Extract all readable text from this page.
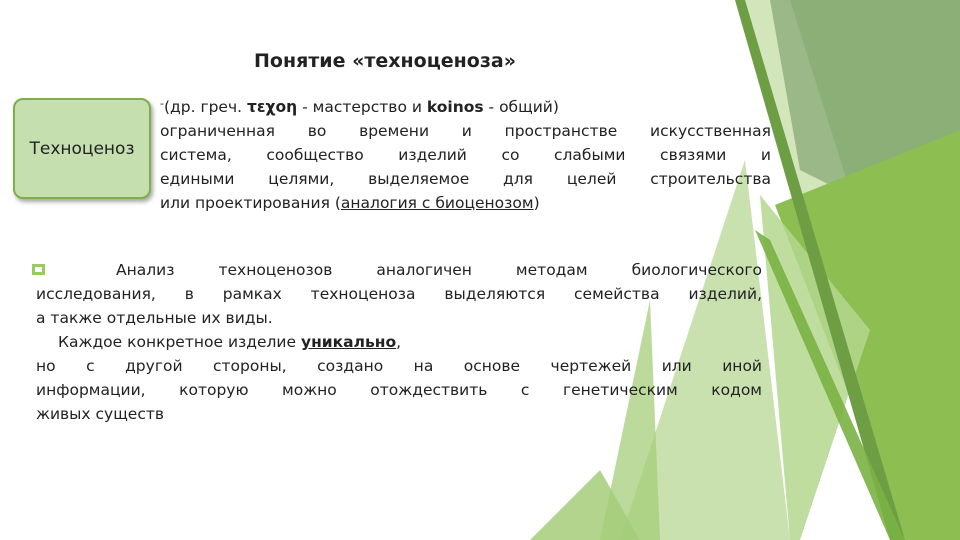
Понятие «техноценоза»
Техноценоз

-(др. греч. τεχοη - мастерство и koinos - общий)

ограниченная во времени и пространстве искусственная

система, сообщество изделий со слабыми связями и

едиными целями, выделяемое для целей строительства

или проектирования (аналогия с биоценозом)

Анализ техноценозов аналогичен методам биологического

исследования, в рамках техноценоза выделяются семейства изделий,

а также отдельные их виды.

Каждое конкретное изделие уникально,

но с другой стороны, создано на основе чертежей или иной

информации, которую можно отождествить с генетическим кодом

живых существ
